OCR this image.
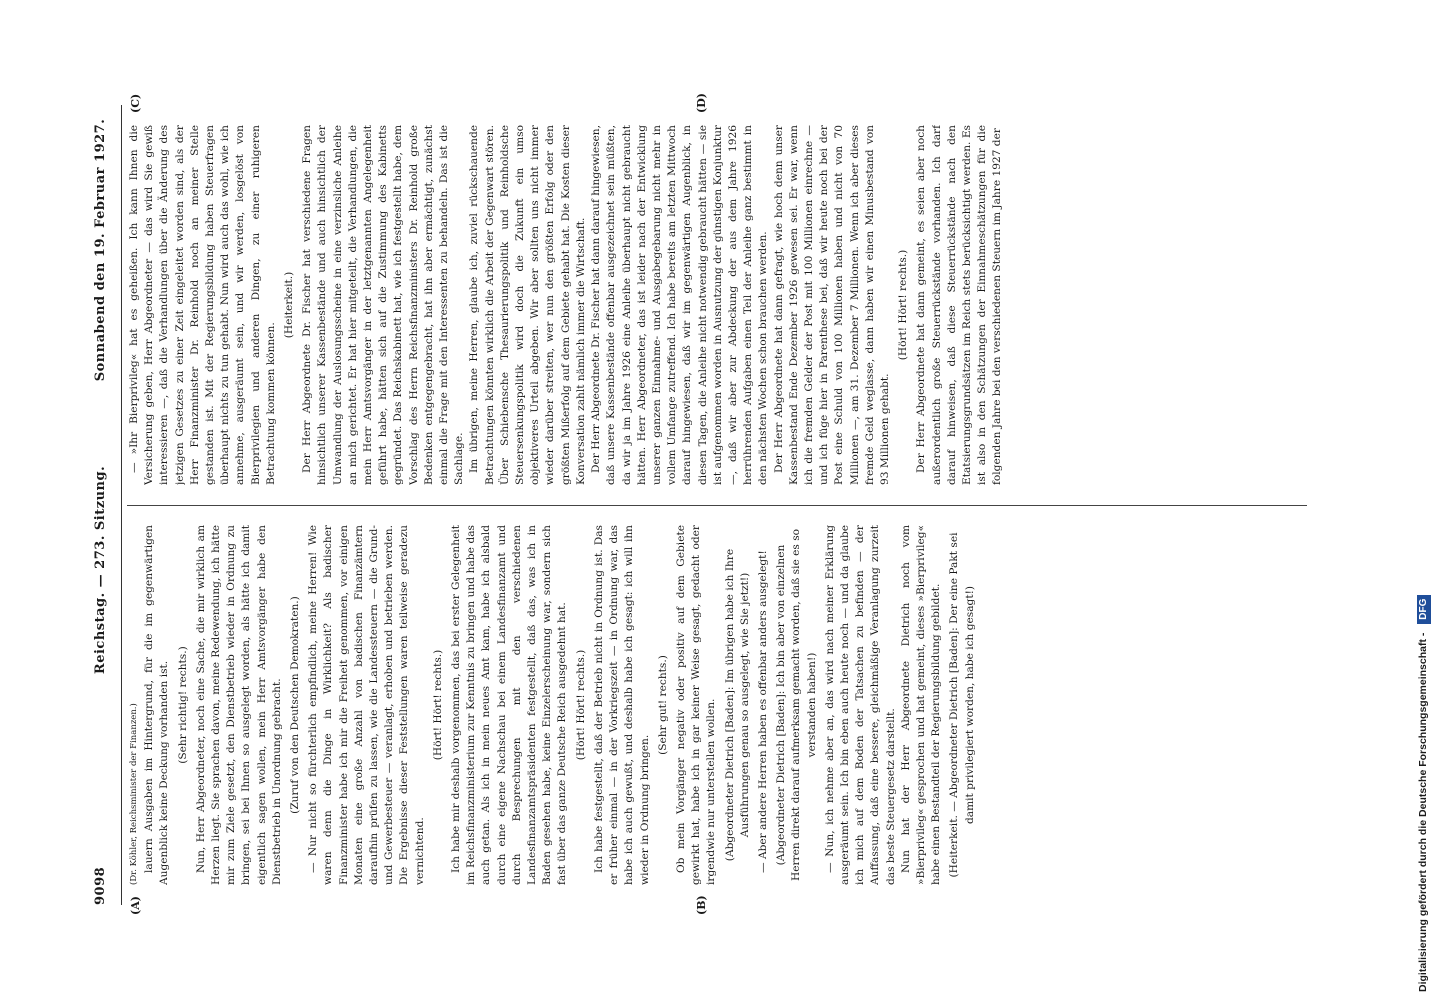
9098
Reichstag. — 273. Sitzung.
Sonnabend den 19. Februar 1927.
(A)	(B)
(C)	(D)

(Dr. Köhler, Reichsminister der Finanzen.) lauern Ausgaben im Hintergrund, für die im gegenwärtigen Augenblick keine Deckung vorhanden ist. (Sehr richtig! rechts.) Nun, Herr Abgeordneter, noch eine Sache, die mir wirklich am Herzen liegt. Sie sprachen davon, meine Redewendung, ich hätte mir zum Ziele gesetzt, den Dienstbetrieb wieder in Ordnung zu bringen, sei bei Ihnen so ausgelegt worden, als hätte ich damit eigentlich sagen wollen, mein Herr Amtsvorgänger habe den Dienstbetrieb in Unordnung gebracht. (Zuruf von den Deutschen Demokraten.) — Nur nicht so fürchterlich empfindlich, meine Herren! Wie waren denn die Dinge in Wirklichkeit? Als badischer Finanzminister habe ich mir die Freiheit genommen, vor einigen Monaten eine große Anzahl von badischen Finanzämtern daraufhin prüfen zu lassen, wie die Landessteuern — die Grund- und Gewerbesteuer — veranlagt, erhoben und betrieben werden. Die Ergebnisse dieser Feststellungen waren teilweise geradezu vernichtend.

(Hört! Hört! rechts.) Ich habe mir deshalb vorgenommen, das bei erster Gelegenheit im Reichsfinanzministerium zur Kenntnis zu bringen und habe das auch getan. Als ich in mein neues Amt kam, habe ich alsbald durch eine eigene Nachschau bei einem Landesfinanzamt und durch Besprechungen mit den verschiedenen Landesfinanzamtspräsidenten festgestellt, daß das, was ich in Baden gesehen habe, keine Einzelerscheinung war, sondern sich fast über das ganze Deutsche Reich ausgedehnt hat. (Hört! Hört! rechts.) Ich habe festgestellt, daß der Betrieb nicht in Ordnung ist. Das er früher einmal — in der Vorkriegszeit — in Ordnung war, das habe ich auch gewußt, und deshalb habe ich gesagt: ich will ihn wieder in Ordnung bringen.

(Sehr gut! rechts.) Ob mein Vorgänger negativ oder positiv auf dem Gebiete gewirkt hat, habe ich in gar keiner Weise gesagt, gedacht oder irgendwie nur unterstellen wollen. (Abgeordneter Dietrich [Baden]: Im übrigen habe ich Ihre Ausführungen genau so ausgelegt, wie Sie jetzt!) — Aber andere Herren haben es offenbar anders ausgelegt! (Abgeordneter Dietrich [Baden]: Ich bin aber von einzelnen Herren direkt darauf aufmerksam gemacht worden, daß sie es so verstanden haben!) — Nun, ich nehme aber an, das wird nach meiner Erklärung ausgeräumt sein. Ich bin eben auch heute noch — und da glaube ich mich auf dem Boden der Tatsachen zu befinden — der Auffassung, daß eine bessere, gleichmäßige Veranlagung zurzeit das beste Steuergesetz darstellt. Nun hat der Herr Abgeordnete Dietrich noch vom »Bierprivileg« gesprochen und hat gemeint, dieses »Bierprivileg« habe einen Bestandteil der Regierungsbildung gebildet. (Heiterkeit. — Abgeordneter Dietrich [Baden]: Der eine Pakt sei damit privilegiert worden, habe ich gesagt!)

— »Ihr Bierprivileg« hat es geheißen. Ich kann Ihnen die Versicherung geben, Herr Abgeordneter — das wird Sie gewiß interessieren —, daß die Verhandlungen über die Änderung des jetzigen Gesetzes zu einer Zeit eingeleitet worden sind, als der Herr Finanzminister Dr. Reinhold noch an meiner Stelle gestanden ist. Mit der Regierungsbildung haben Steuerfragen überhaupt nichts zu tun gehabt. Nun wird auch das wohl, wie ich annehme, ausgeräumt sein, und wir werden, losgelöst von Bierprivilegien und anderen Dingen, zu einer ruhigeren Betrachtung kommen können.

(Heiterkeit.) Der Herr Abgeordnete Dr. Fischer hat verschiedene Fragen hinsichtlich unserer Kassenbestände und auch hinsichtlich der Umwandlung der Auslosungsscheine in eine verzinsliche Anleihe an mich gerichtet. Er hat hier mitgeteilt, die Verhandlungen, die mein Herr Amtsvorgänger in der letztgenannten Angelegenheit geführt habe, hätten sich auf die Zustimmung des Kabinetts gegründet. Das Reichskabinett hat, wie ich festgestellt habe, dem Vorschlag des Herrn Reichsfinanzministers Dr. Reinhold große Bedenken entgegengebracht, hat ihn aber ermächtigt, zunächst einmal die Frage mit den Interessenten zu behandeln. Das ist die Sachlage. Im übrigen, meine Herren, glaube ich, zuviel rückschauende Betrachtungen könnten wirklich die Arbeit der Gegenwart stören. Über Schiebensche Thesaurierungspolitik und Reinholdsche Steuersenkungspolitik wird doch die Zukunft ein umso objektiveres Urteil abgeben. Wir aber sollten uns nicht immer wieder darüber streiten, wer nun den größten Erfolg oder den größten Mißerfolg auf dem Gebiete gehabt hat. Die Kosten dieser Konversation zahlt nämlich immer die Wirtschaft. Der Herr Abgeordnete Dr. Fischer hat dann darauf hingewiesen, daß unsere Kassenbestände offenbar ausgezeichnet sein müßten, da wir ja im Jahre 1926 eine Anleihe überhaupt nicht gebraucht hätten. Herr Abgeordneter, das ist leider nach der Entwicklung unserer ganzen Einnahme- und Ausgabegebarung nicht mehr in vollem Umfange zutreffend. Ich habe bereits am letzten Mittwoch darauf hingewiesen, daß wir im gegenwärtigen Augenblick, in diesen Tagen, die Anleihe nicht notwendig gebraucht hätten — sie ist aufgenommen worden in Ausnutzung der günstigen Konjunktur —, daß wir aber zur Abdeckung der aus dem Jahre 1926 herrührenden Aufgaben einen Teil der Anleihe ganz bestimmt in den nächsten Wochen schon brauchen werden. Der Herr Abgeordnete hat dann gefragt, wie hoch denn unser Kassenbestand Ende Dezember 1926 gewesen sei. Er war, wenn ich die fremden Gelder der Post mit 100 Millionen einrechne — und ich füge hier in Parenthese bei, daß wir heute noch bei der Post eine Schuld von 100 Millionen haben und nicht von 70 Millionen —, am 31. Dezember 7 Millionen. Wenn ich aber dieses fremde Geld weglasse, dann haben wir einen Minusbestand von 93 Millionen gehabt.

(Hört! Hört! rechts.) Der Herr Abgeordnete hat dann gemeint, es seien aber noch außerordentlich große Steuerrückstände vorhanden. Ich darf darauf hinweisen, daß diese Steuerrückstände nach den Etatsierungsgrundsätzen im Reich stets berücksichtigt werden. Es ist also in den Schätzungen der Einnahmeschätzungen für die folgenden Jahre bei den verschiedenen Steuern im Jahre 1927 der

Digitalisierung gefördert durch die Deutsche Forschungsgemeinschaft - DFG
